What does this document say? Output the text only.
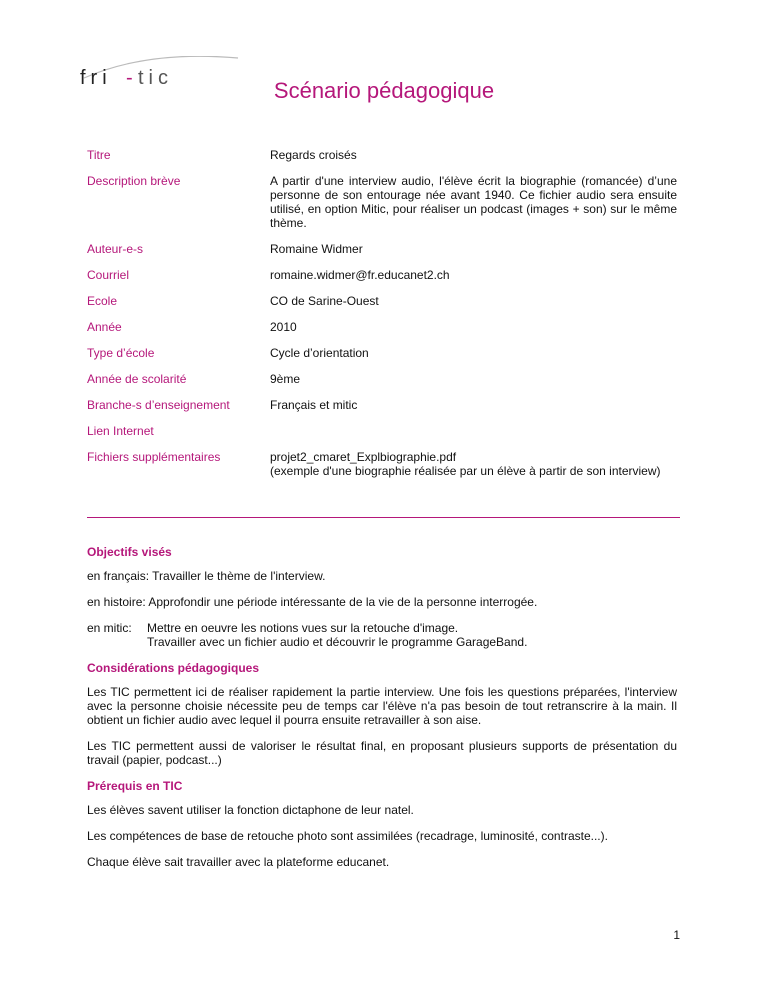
fri - tic	Scénario pédagogique
Titre	Regards croisés
Description brève	A partir d'une interview audio, l'élève écrit la biographie (romancée) d’une personne de son entourage née avant 1940. Ce fichier audio sera ensuite utilisé, en option Mitic, pour réaliser un podcast (images + son) sur le même thème.
Auteur-e-s	Romaine Widmer
Courriel	romaine.widmer@fr.educanet2.ch
Ecole	CO de Sarine-Ouest
Année	2010
Type d’école	Cycle d’orientation
Année de scolarité	9ème
Branche-s d’enseignement	Français et mitic
Lien Internet
Fichiers supplémentaires	projet2_cmaret_Explbiographie.pdf
(exemple d'une biographie réalisée par un élève à partir de son interview)

Objectifs visés

en français: Travailler le thème de l'interview.

en histoire: Approfondir une période intéressante de la vie de la personne interrogée.

en mitic:	Mettre en oeuvre les notions vues sur la retouche d'image.
Travailler avec un fichier audio et découvrir le programme GarageBand.

Considérations pédagogiques

Les TIC permettent ici de réaliser rapidement la partie interview. Une fois les questions préparées, l'interview avec la personne choisie nécessite peu de temps car l'élève n'a pas besoin de tout retranscrire à la main. Il obtient un fichier audio avec lequel il pourra ensuite retravailler à son aise.

Les TIC permettent aussi de valoriser le résultat final, en proposant plusieurs supports de présentation du travail (papier, podcast...)

Prérequis en TIC

Les élèves savent utiliser la fonction dictaphone de leur natel.

Les compétences de base de retouche photo sont assimilées (recadrage, luminosité, contraste...).

Chaque élève sait travailler avec la plateforme educanet.

1
